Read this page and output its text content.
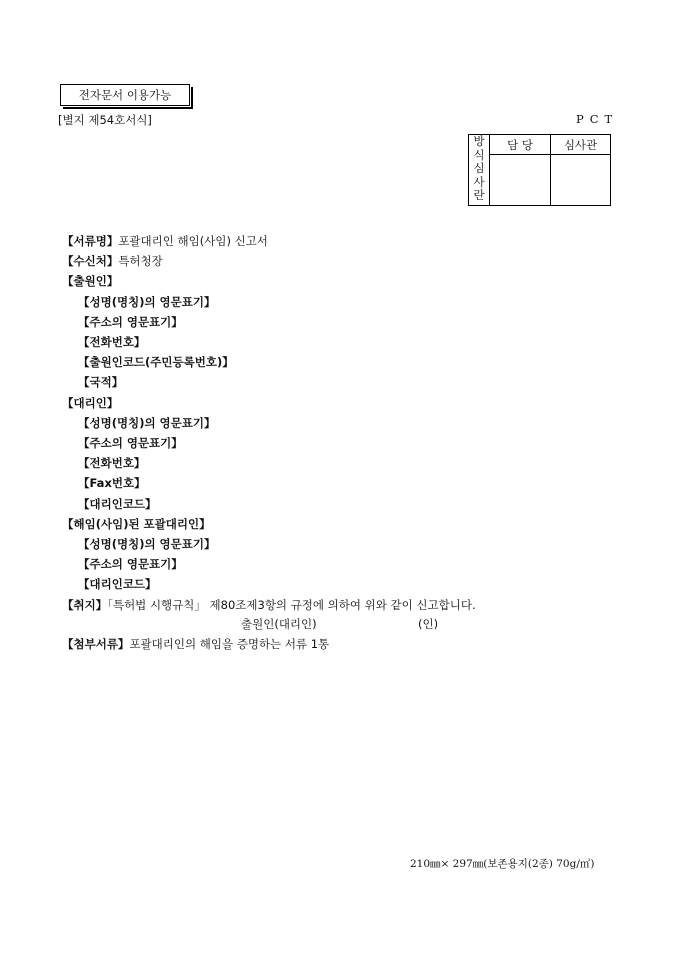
전자문서 이용가능
[별지 제54호서식]	PCT
방
식
심
사
란	담 당	심사관

【서류명】포괄대리인 해임(사임) 신고서
【수신처】특허청장
【출원인】
【성명(명칭)의 영문표기】
【주소의 영문표기】
【전화번호】
【출원인코드(주민등록번호)】
【국적】
【대리인】
【성명(명칭)의 영문표기】
【주소의 영문표기】
【전화번호】
【Fax번호】
【대리인코드】
【해임(사임)된 포괄대리인】
【성명(명칭)의 영문표기】
【주소의 영문표기】
【대리인코드】
【취지】「특허법 시행규칙」 제80조제3항의 규정에 의하여 위와 같이 신고합니다.
출원인(대리인)	(인)
【첨부서류】포괄대리인의 해임을 증명하는 서류 1통
210㎜× 297㎜(보존용지(2종) 70g/㎡)
